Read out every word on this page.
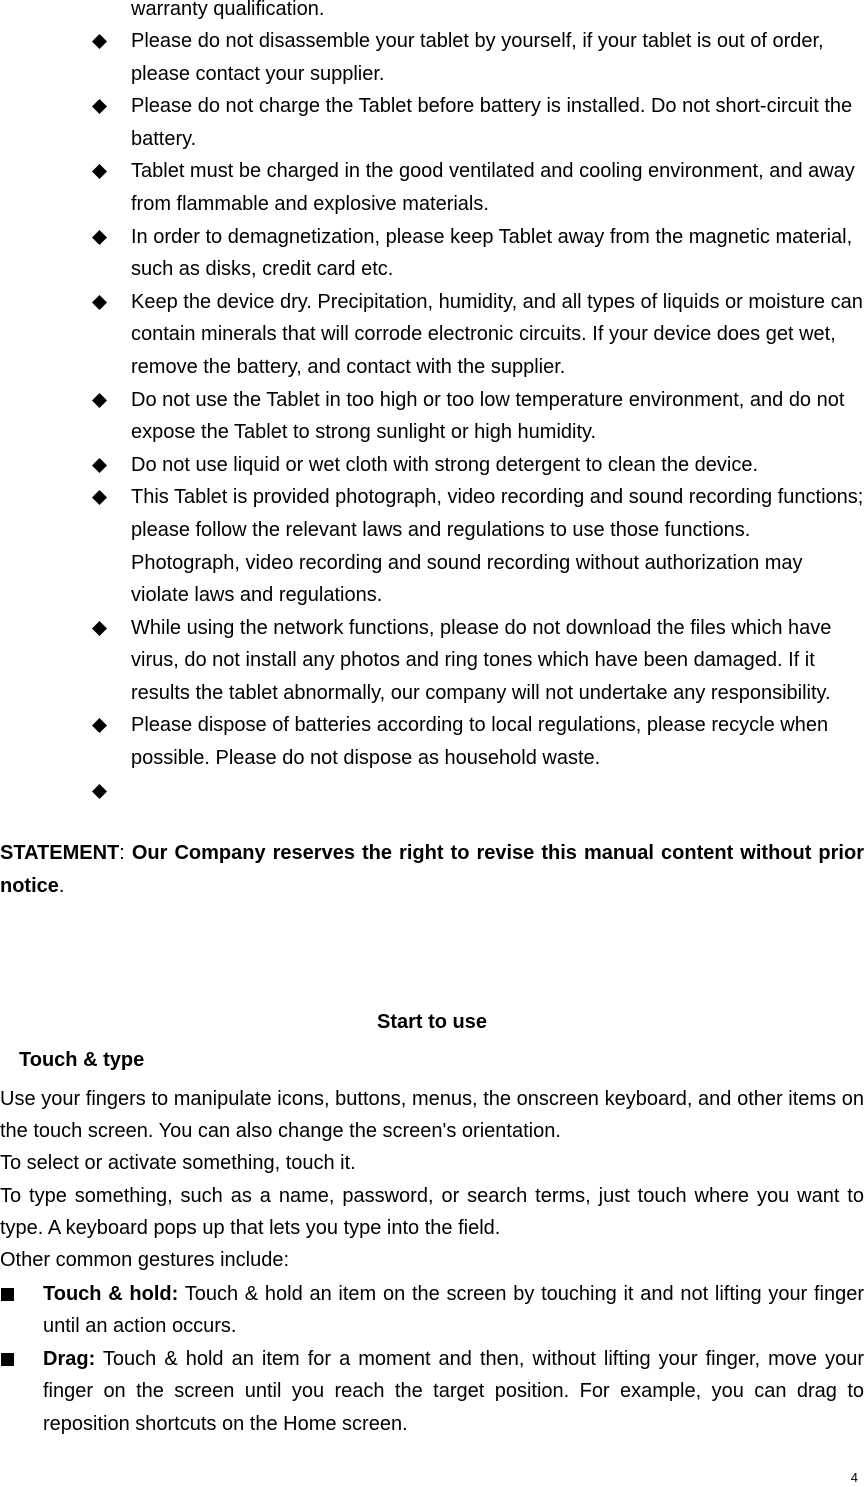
warranty qualification.
Please do not disassemble your tablet by yourself, if your tablet is out of order, please contact your supplier.
Please do not charge the Tablet before battery is installed. Do not short-circuit the battery.
Tablet must be charged in the good ventilated and cooling environment, and away from flammable and explosive materials.
In order to demagnetization, please keep Tablet away from the magnetic material, such as disks, credit card etc.
Keep the device dry. Precipitation, humidity, and all types of liquids or moisture can contain minerals that will corrode electronic circuits. If your device does get wet, remove the battery, and contact with the supplier.
Do not use the Tablet in too high or too low temperature environment, and do not expose the Tablet to strong sunlight or high humidity.
Do not use liquid or wet cloth with strong detergent to clean the device.
This Tablet is provided photograph, video recording and sound recording functions; please follow the relevant laws and regulations to use those functions. Photograph, video recording and sound recording without authorization may violate laws and regulations.
While using the network functions, please do not download the files which have virus, do not install any photos and ring tones which have been damaged. If it results the tablet abnormally, our company will not undertake any responsibility.
Please dispose of batteries according to local regulations, please recycle when possible. Please do not dispose as household waste.

STATEMENT: Our Company reserves the right to revise this manual content without prior notice.
Start to use
Touch & type

Use your fingers to manipulate icons, buttons, menus, the onscreen keyboard, and other items on the touch screen. You can also change the screen's orientation.

To select or activate something, touch it.

To type something, such as a name, password, or search terms, just touch where you want to type. A keyboard pops up that lets you type into the field.

Other common gestures include:

Touch & hold: Touch & hold an item on the screen by touching it and not lifting your finger until an action occurs.
Drag: Touch & hold an item for a moment and then, without lifting your finger, move your finger on the screen until you reach the target position. For example, you can drag to reposition shortcuts on the Home screen.
4
